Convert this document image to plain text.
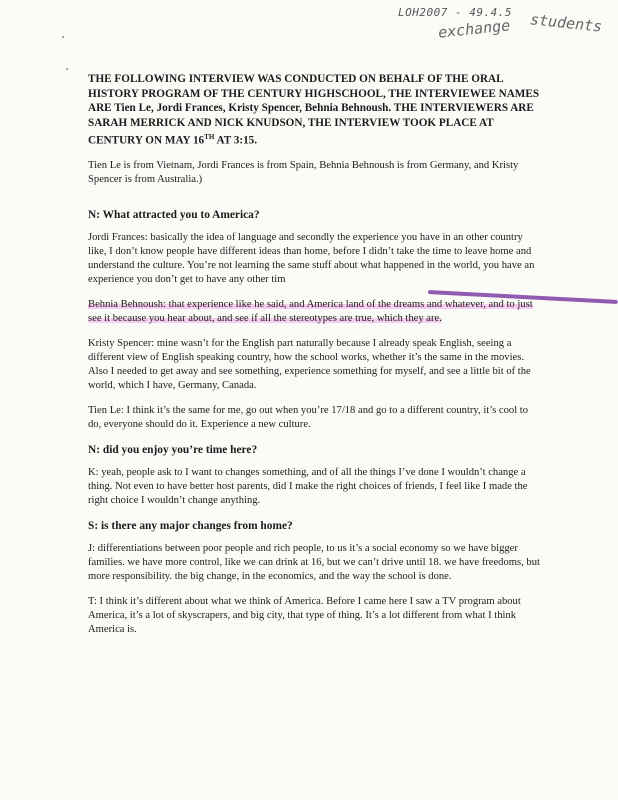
LOH2007 - 49.4.5
exchange students

THE FOLLOWING INTERVIEW WAS CONDUCTED ON BEHALF OF THE ORAL HISTORY PROGRAM OF THE CENTURY HIGHSCHOOL, THE INTERVIEWEE NAMES ARE Tien Le, Jordi Frances, Kristy Spencer, Behnia Behnoush. THE INTERVIEWERS ARE SARAH MERRICK AND NICK KNUDSON, THE INTERVIEW TOOK PLACE AT CENTURY ON MAY 16TH AT 3:15.

Tien Le is from Vietnam, Jordi Frances is from Spain, Behnia Behnoush is from Germany, and Kristy Spencer is from Australia.)

N: What attracted you to America?

Jordi Frances: basically the idea of language and secondly the experience you have in an other country like, I don’t know people have different ideas than home, before I didn’t take the time to leave home and understand the culture. You’re not learning the same stuff about what happened in the world, you have an experience you don’t get to have any other tim

Behnia Behnoush: that experience like he said, and America land of the dreams and whatever, and to just see it because you hear about, and see if all the stereotypes are true, which they are.

Kristy Spencer: mine wasn’t for the English part naturally because I already speak English, seeing a different view of English speaking country, how the school works, whether it’s the same in the movies. Also I needed to get away and see something, experience something for myself, and see a little bit of the world, which I have, Germany, Canada.

Tien Le: I think it’s the same for me, go out when you’re 17/18 and go to a different country, it’s cool to do, everyone should do it. Experience a new culture.

N: did you enjoy you’re time here?

K: yeah, people ask to I want to changes something, and of all the things I’ve done I wouldn’t change a thing. Not even to have better host parents, did I make the right choices of friends, I feel like I made the right choice I wouldn’t change anything.

S: is there any major changes from home?

J: differentiations between poor people and rich people, to us it’s a social economy so we have bigger families. we have more control, like we can drink at 16, but we can’t drive until 18. we have freedoms, but more responsibility. the big change, in the economics, and the way the school is done.

T: I think it’s different about what we think of America. Before I came here I saw a TV program about America, it’s a lot of skyscrapers, and big city, that type of thing. It’s a lot different from what I think America is.
